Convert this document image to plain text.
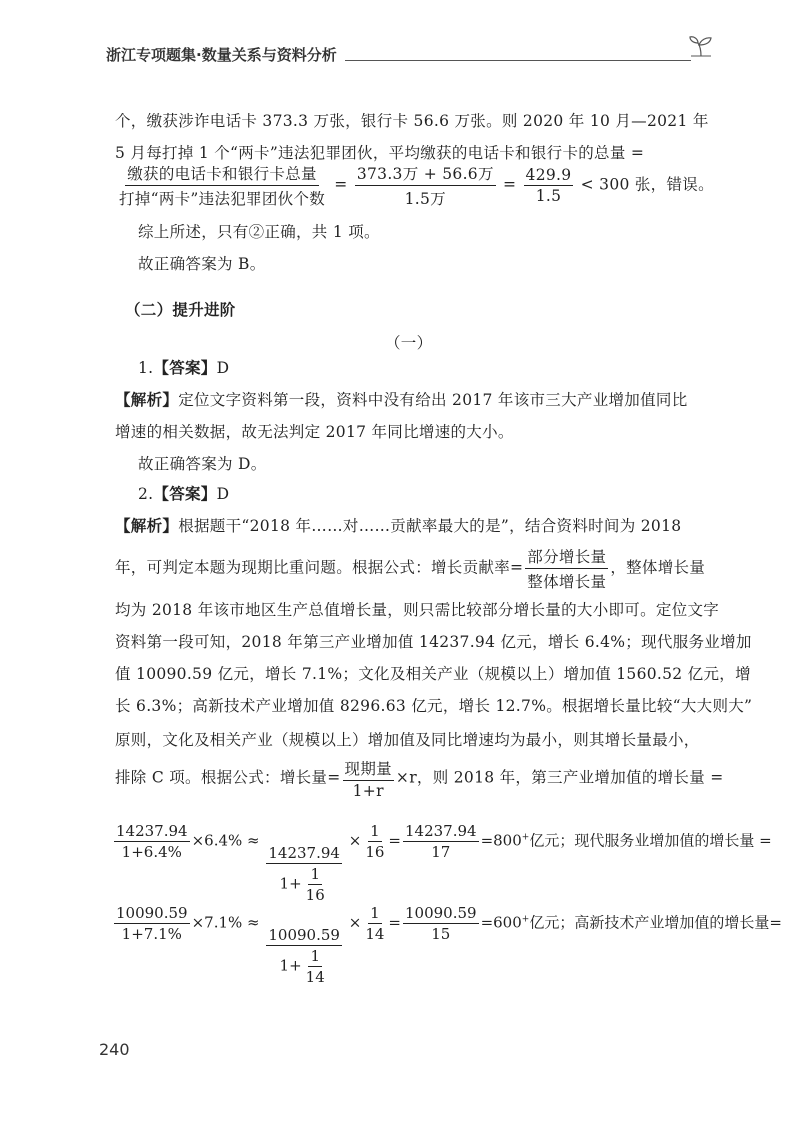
浙江专项题集·数量关系与资料分析
个，缴获涉诈电话卡 373.3 万张，银行卡 56.6 万张。则 2020 年 10 月—2021 年
5 月每打掉 1 个“两卡”违法犯罪团伙，平均缴获的电话卡和银行卡的总量 =
$\frac{\text{缴获的电话卡和银行卡总量}}{\text{打掉“两卡”违法犯罪团伙个数}} = \frac{\text{373.3万 + 56.6万}}{\text{1.5万}} = \frac{429.9}{1.5} < 300$ 张，错误。
综上所述，只有②正确，共 1 项。
故正确答案为 B。
（二）提升进阶
（一）
1.【答案】D
【解析】定位文字资料第一段，资料中没有给出 2017 年该市三大产业增加值同比
增速的相关数据，故无法判定 2017 年同比增速的大小。
故正确答案为 D。
2.【答案】D
【解析】根据题干“2018 年……对……贡献率最大的是”，结合资料时间为 2018
年，可判定本题为现期比重问题。根据公式：增长贡献率= $\frac{\text{部分增长量}}{\text{整体增长量}}$ ，整体增长量
均为 2018 年该市地区生产总值增长量，则只需比较部分增长量的大小即可。定位文字
资料第一段可知，2018 年第三产业增加值 14237.94 亿元，增长 6.4%；现代服务业增加
值 10090.59 亿元，增长 7.1%；文化及相关产业（规模以上）增加值 1560.52 亿元，增
长 6.3%；高新技术产业增加值 8296.63 亿元，增长 12.7%。根据增长量比较“大大则大”
原则，文化及相关产业（规模以上）增加值及同比增速均为最小，则其增长量最小，
排除 C 项。根据公式：增长量= $\frac{\text{现期量}}{1+r} \times r$，则 2018 年，第三产业增加值的增长量 =
$\frac{14237.94}{1+6.4\%} \times 6.4\%$ ≈
$\frac{14237.94}{1+ \frac{1}{16}}$
× $\frac{1}{16} = \frac{14237.94}{17} =800^+$亿元；现代服务业增加值的增长量 =
$\frac{10090.59}{1+7.1\%} \times 7.1\%$ ≈
$\frac{10090.59}{1+ \frac{1}{14}}$
× $\frac{1}{14} = \frac{10090.59}{15} =600^+$亿元；高新技术产业增加值的增长量=
240
